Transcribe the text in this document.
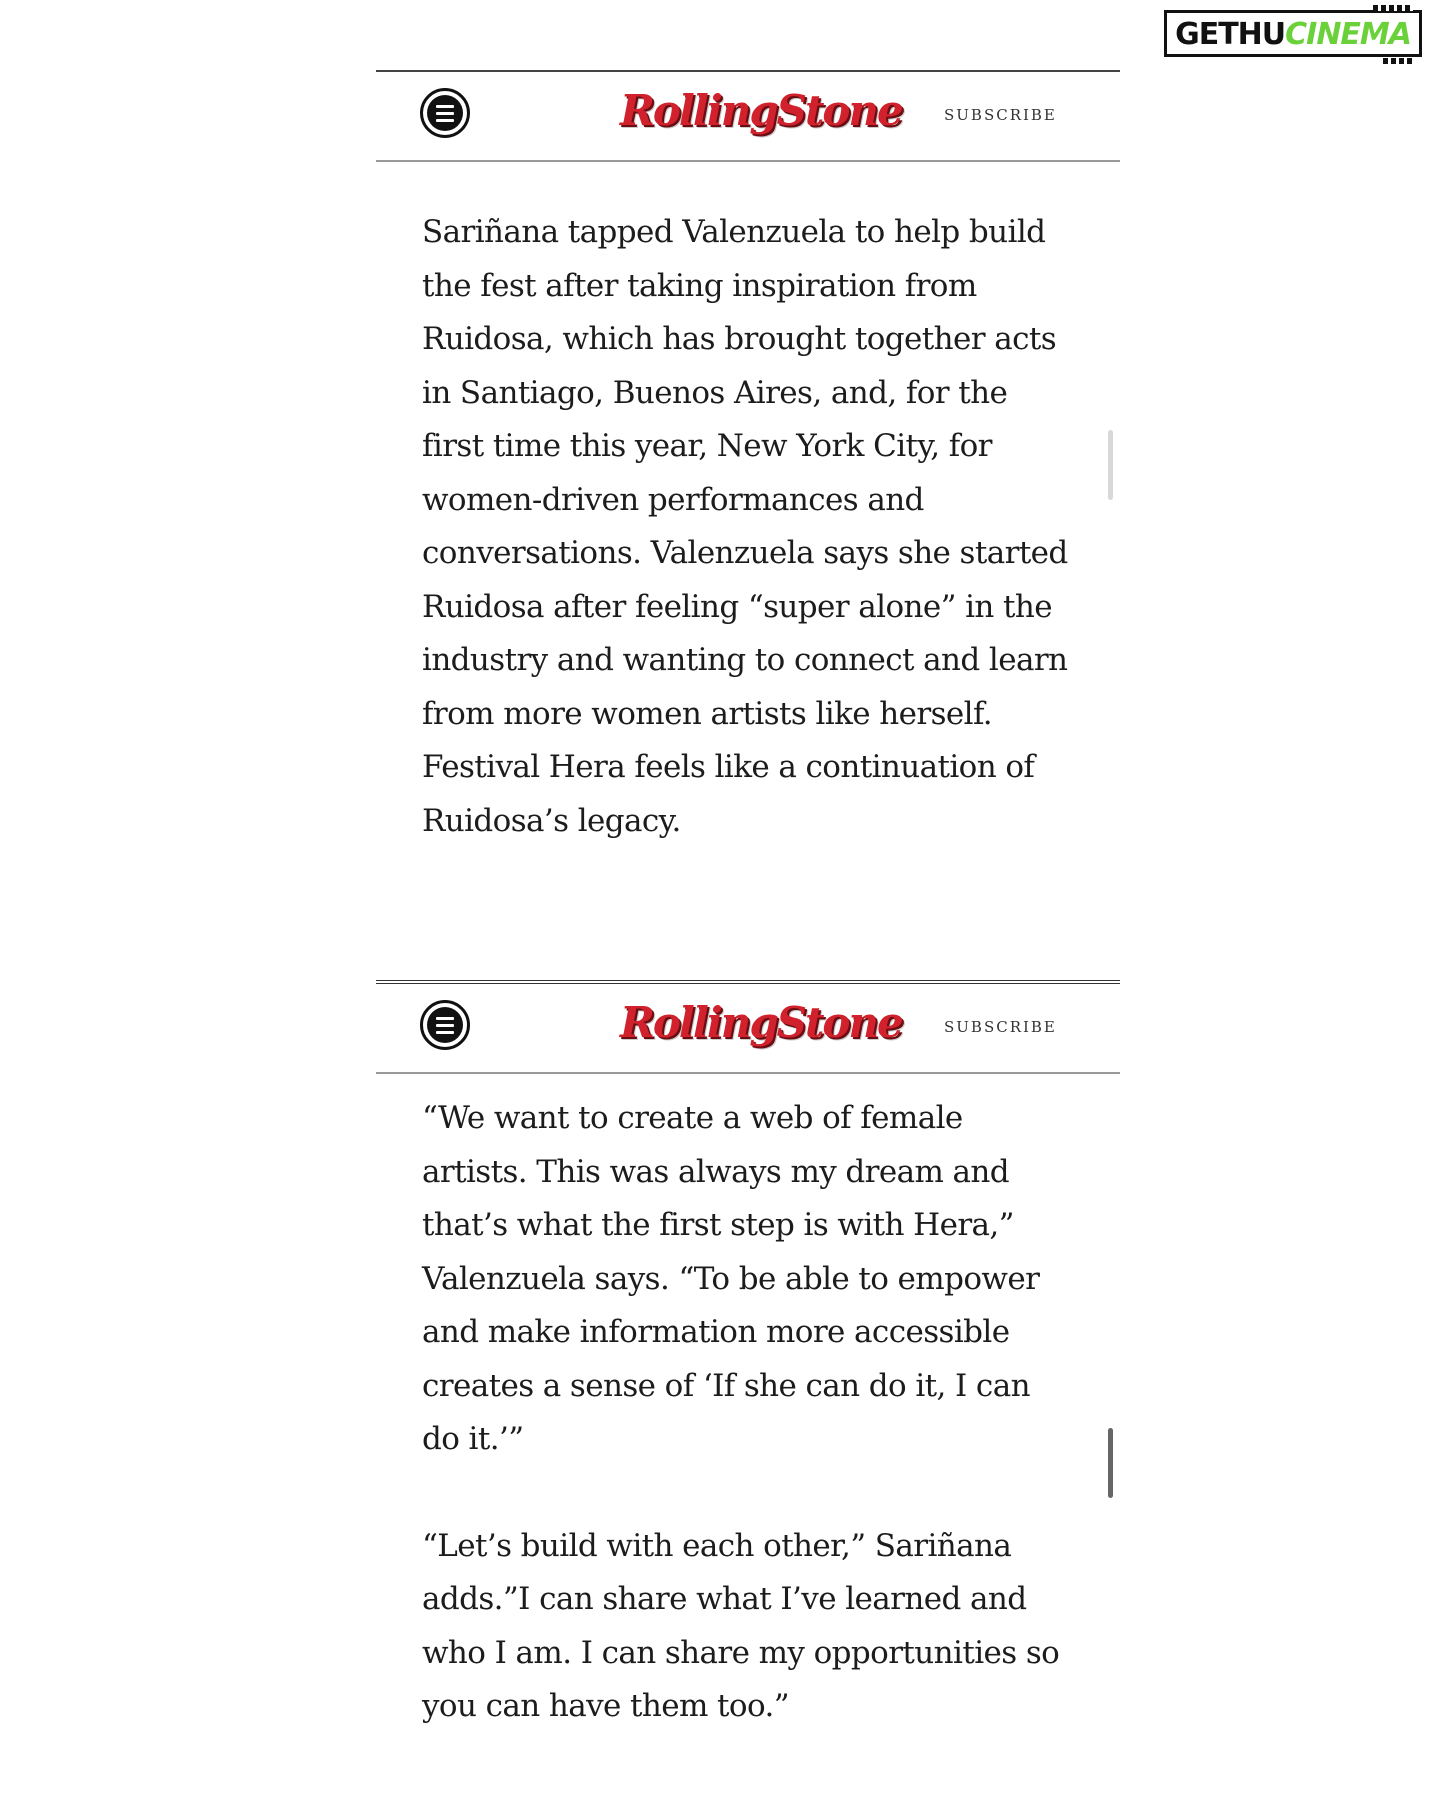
GETHU CINEMA
RollingStone	SUBSCRIBE

Sariñana tapped Valenzuela to help build the fest after taking inspiration from Ruidosa, which has brought together acts in Santiago, Buenos Aires, and, for the first time this year, New York City, for women-driven performances and conversations. Valenzuela says she started Ruidosa after feeling “super alone” in the industry and wanting to connect and learn from more women artists like herself. Festival Hera feels like a continuation of Ruidosa’s legacy.

RollingStone	SUBSCRIBE

“We want to create a web of female artists. This was always my dream and that’s what the first step is with Hera,” Valenzuela says. “To be able to empower and make information more accessible creates a sense of ‘If she can do it, I can do it.’”

“Let’s build with each other,” Sariñana adds.”I can share what I’ve learned and who I am. I can share my opportunities so you can have them too.”
